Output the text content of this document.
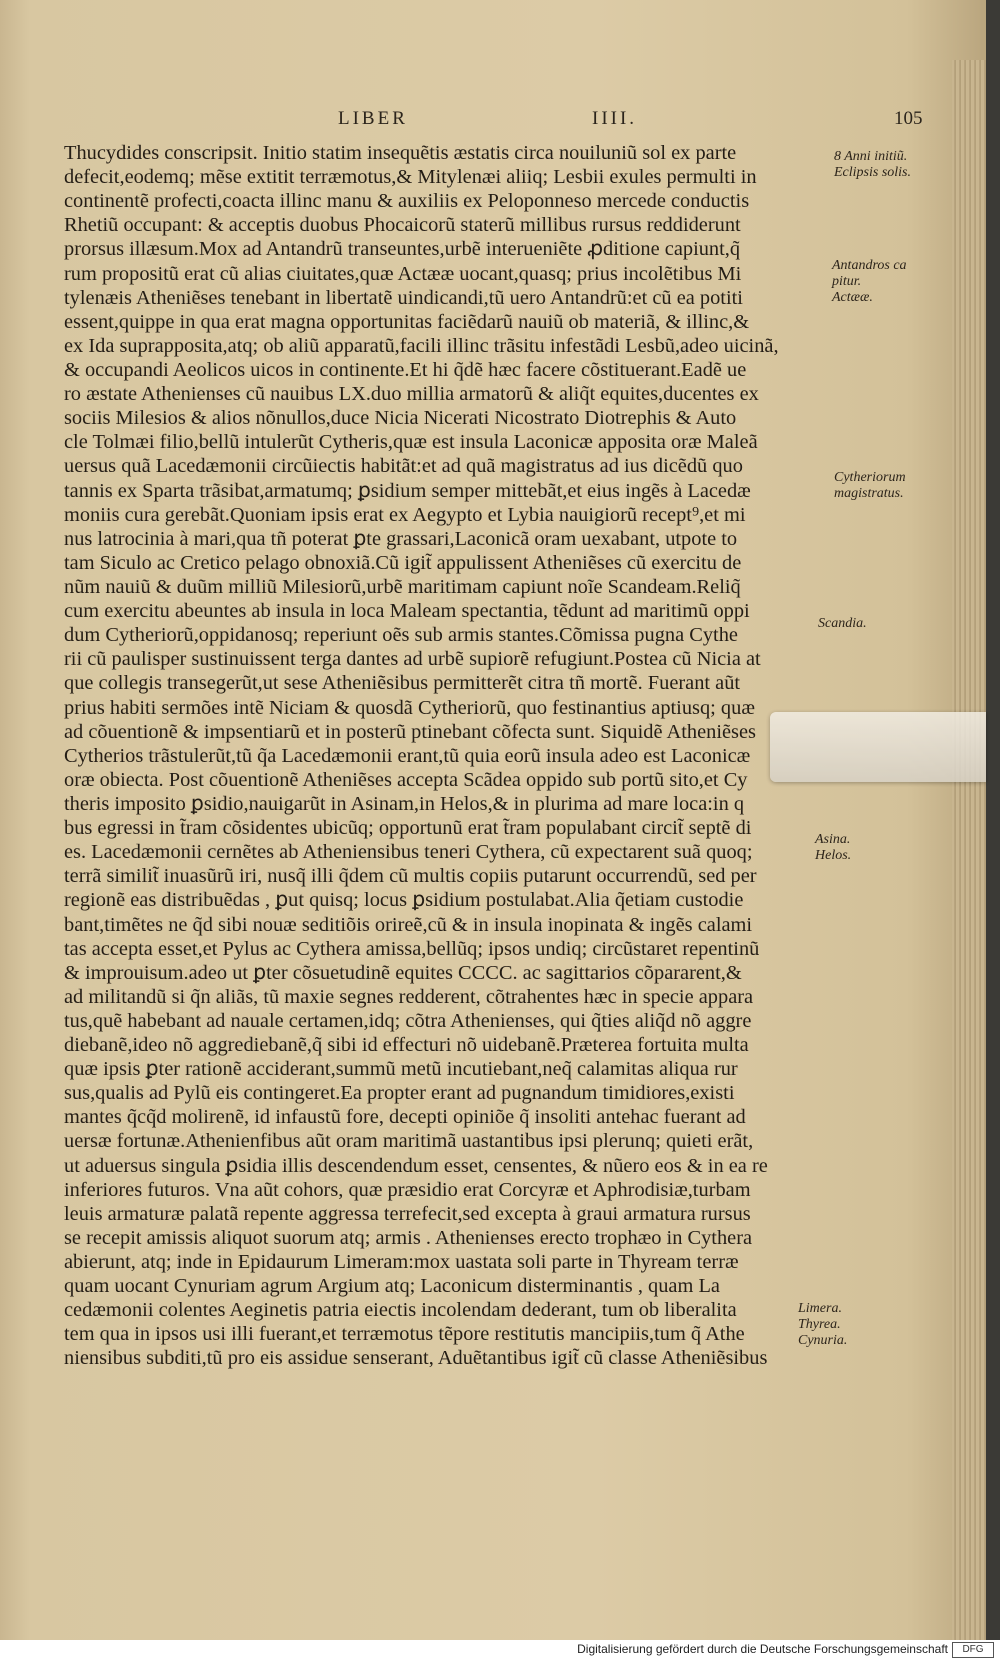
LIBER	IIII.	105
Thucydides conscripsit. Initio statim insequẽtis æstatis circa nouiluniũ sol ex parte
defecit,eodemq; mẽse extitit terræmotus,& Mitylenæi aliiq; Lesbii exules permulti in
continentẽ profecti,coacta illinc manu & auxiliis ex Peloponneso mercede conductis
Rhetiũ occupant: & acceptis duobus Phocaicorũ staterũ millibus rursus reddiderunt
prorsus illæsum.Mox ad Antandrũ transeuntes,urbẽ interueniẽte ꝓditione capiunt,q̃
rum propositũ erat cũ alias ciuitates,quæ Actææ uocant,quasq; prius incolẽtibus Mi
tylenæis Atheniẽses tenebant in libertatẽ uindicandi,tũ uero Antandrũ:et cũ ea potiti
essent,quippe in qua erat magna opportunitas faciẽdarũ nauiũ ob materiã, & illinc,&
ex Ida suprapposita,atq; ob aliũ apparatũ,facili illinc trãsitu infestãdi Lesbũ,adeo uicinã,
& occupandi Aeolicos uicos in continente.Et hi q̃dẽ hæc facere cõstituerant.Eadẽ ue
ro æstate Athenienses cũ nauibus LX.duo millia armatorũ & aliq̃t equites,ducentes ex
sociis Milesios & alios nõnullos,duce Nicia Nicerati Nicostrato Diotrephis & Auto
cle Tolmæi filio,bellũ intulerũt Cytheris,quæ est insula Laconicæ apposita oræ Maleã
uersus quã Lacedæmonii circũiectis habitãt:et ad quã magistratus ad ius dicẽdũ quo
tannis ex Sparta trãsibat,armatumq; ꝑsidium semper mittebãt,et eius ingẽs à Lacedæ
moniis cura gerebãt.Quoniam ipsis erat ex Aegypto et Lybia nauigiorũ recept⁹,et mi
nus latrocinia à mari,qua tñ poterat ꝑte grassari,Laconicã oram uexabant, utpote to
tam Siculo ac Cretico pelago obnoxiã.Cũ igit̃ appulissent Atheniẽses cũ exercitu de
nũm nauiũ & duũm milliũ Milesiorũ,urbẽ maritimam capiunt noĩe Scandeam.Reliq̃
cum exercitu abeuntes ab insula in loca Maleam spectantia, tẽdunt ad maritimũ oppi
dum Cytheriorũ,oppidanosq; reperiunt oẽs sub armis stantes.Cõmissa pugna Cythe
rii cũ paulisper sustinuissent terga dantes ad urbẽ supiorẽ refugiunt.Postea cũ Nicia at
que collegis transegerũt,ut sese Atheniẽsibus permitterẽt citra tñ mortẽ. Fuerant aũt
prius habiti sermões intẽ Niciam & quosdã Cytheriorũ, quo festinantius aptiusq; quæ
ad cõuentionẽ & impsentiarũ et in posterũ ptinebant cõfecta sunt. Siquidẽ Atheniẽses
Cytherios trãstulerũt,tũ q̃a Lacedæmonii erant,tũ quia eorũ insula adeo est Laconicæ
oræ obiecta. Post cõuentionẽ Atheniẽses accepta Scãdea oppido sub portũ sito,et Cy
theris imposito ꝑsidio,nauigarũt in Asinam,in Helos,& in plurima ad mare loca:in q
bus egressi in t̃ram cõsidentes ubicũq; opportunũ erat t̃ram populabant circit̃ septẽ di
es. Lacedæmonii cernẽtes ab Atheniensibus teneri Cythera, cũ expectarent suã quoq;
terrã similit̃ inuasũrũ iri, nusq̃ illi q̃dem cũ multis copiis putarunt occurrendũ, sed per
regionẽ eas distribuẽdas , ꝑut quisq; locus ꝑsidium postulabat.Alia q̃etiam custodie
bant,timẽtes ne q̃d sibi nouæ seditiõis orireẽ,cũ & in insula inopinata & ingẽs calami
tas accepta esset,et Pylus ac Cythera amissa,bellũq; ipsos undiq; circũstaret repentinũ
& improuisum.adeo ut ꝑter cõsuetudinẽ equites CCCC. ac sagittarios cõpararent,&
ad militandũ si q̃n aliãs, tũ maxie segnes redderent, cõtrahentes hæc in specie appara
tus,quẽ habebant ad nauale certamen,idq; cõtra Athenienses, qui q̃ties aliq̃d nõ aggre
diebanẽ,ideo nõ aggrediebanẽ,q̃ sibi id effecturi nõ uidebanẽ.Præterea fortuita multa
quæ ipsis ꝑter rationẽ acciderant,summũ metũ incutiebant,neq̃ calamitas aliqua rur
sus,qualis ad Pylũ eis contingeret.Ea propter erant ad pugnandum timidiores,existi
mantes q̃cq̃d molirenẽ, id infaustũ fore, decepti opiniõe q̃ insoliti antehac fuerant ad
uersæ fortunæ.Athenienfibus aũt oram maritimã uastantibus ipsi plerunq; quieti erãt,
ut aduersus singula ꝑsidia illis descendendum esset, censentes, & nũero eos & in ea re
inferiores futuros. Vna aũt cohors, quæ præsidio erat Corcyræ et Aphrodisiæ,turbam
leuis armaturæ palatã repente aggressa terrefecit,sed excepta à graui armatura rursus
se recepit amissis aliquot suorum atq; armis . Athenienses erecto trophæo in Cythera
abierunt, atq; inde in Epidaurum Limeram:mox uastata soli parte in Thyream terræ
quam uocant Cynuriam agrum Argium atq; Laconicum disterminantis , quam La
cedæmonii colentes Aeginetis patria eiectis incolendam dederant, tum ob liberalita
tem qua in ipsos usi illi fuerant,et terræmotus tẽpore restitutis mancipiis,tum q̃ Athe
niensibus subditi,tũ pro eis assidue senserant, Aduẽtantibus igit̃ cũ classe Atheniẽsibus
8 Anni initiũ.
Eclipsis solis.
Antandros ca
pitur.
Actææ.
Cytheriorum
magistratus.
Scandia.
Asina.
Helos.
Limera.
Thyrea.
Cynuria.
Digitalisierung gefördert durch die Deutsche Forschungsgemeinschaft	DFG
